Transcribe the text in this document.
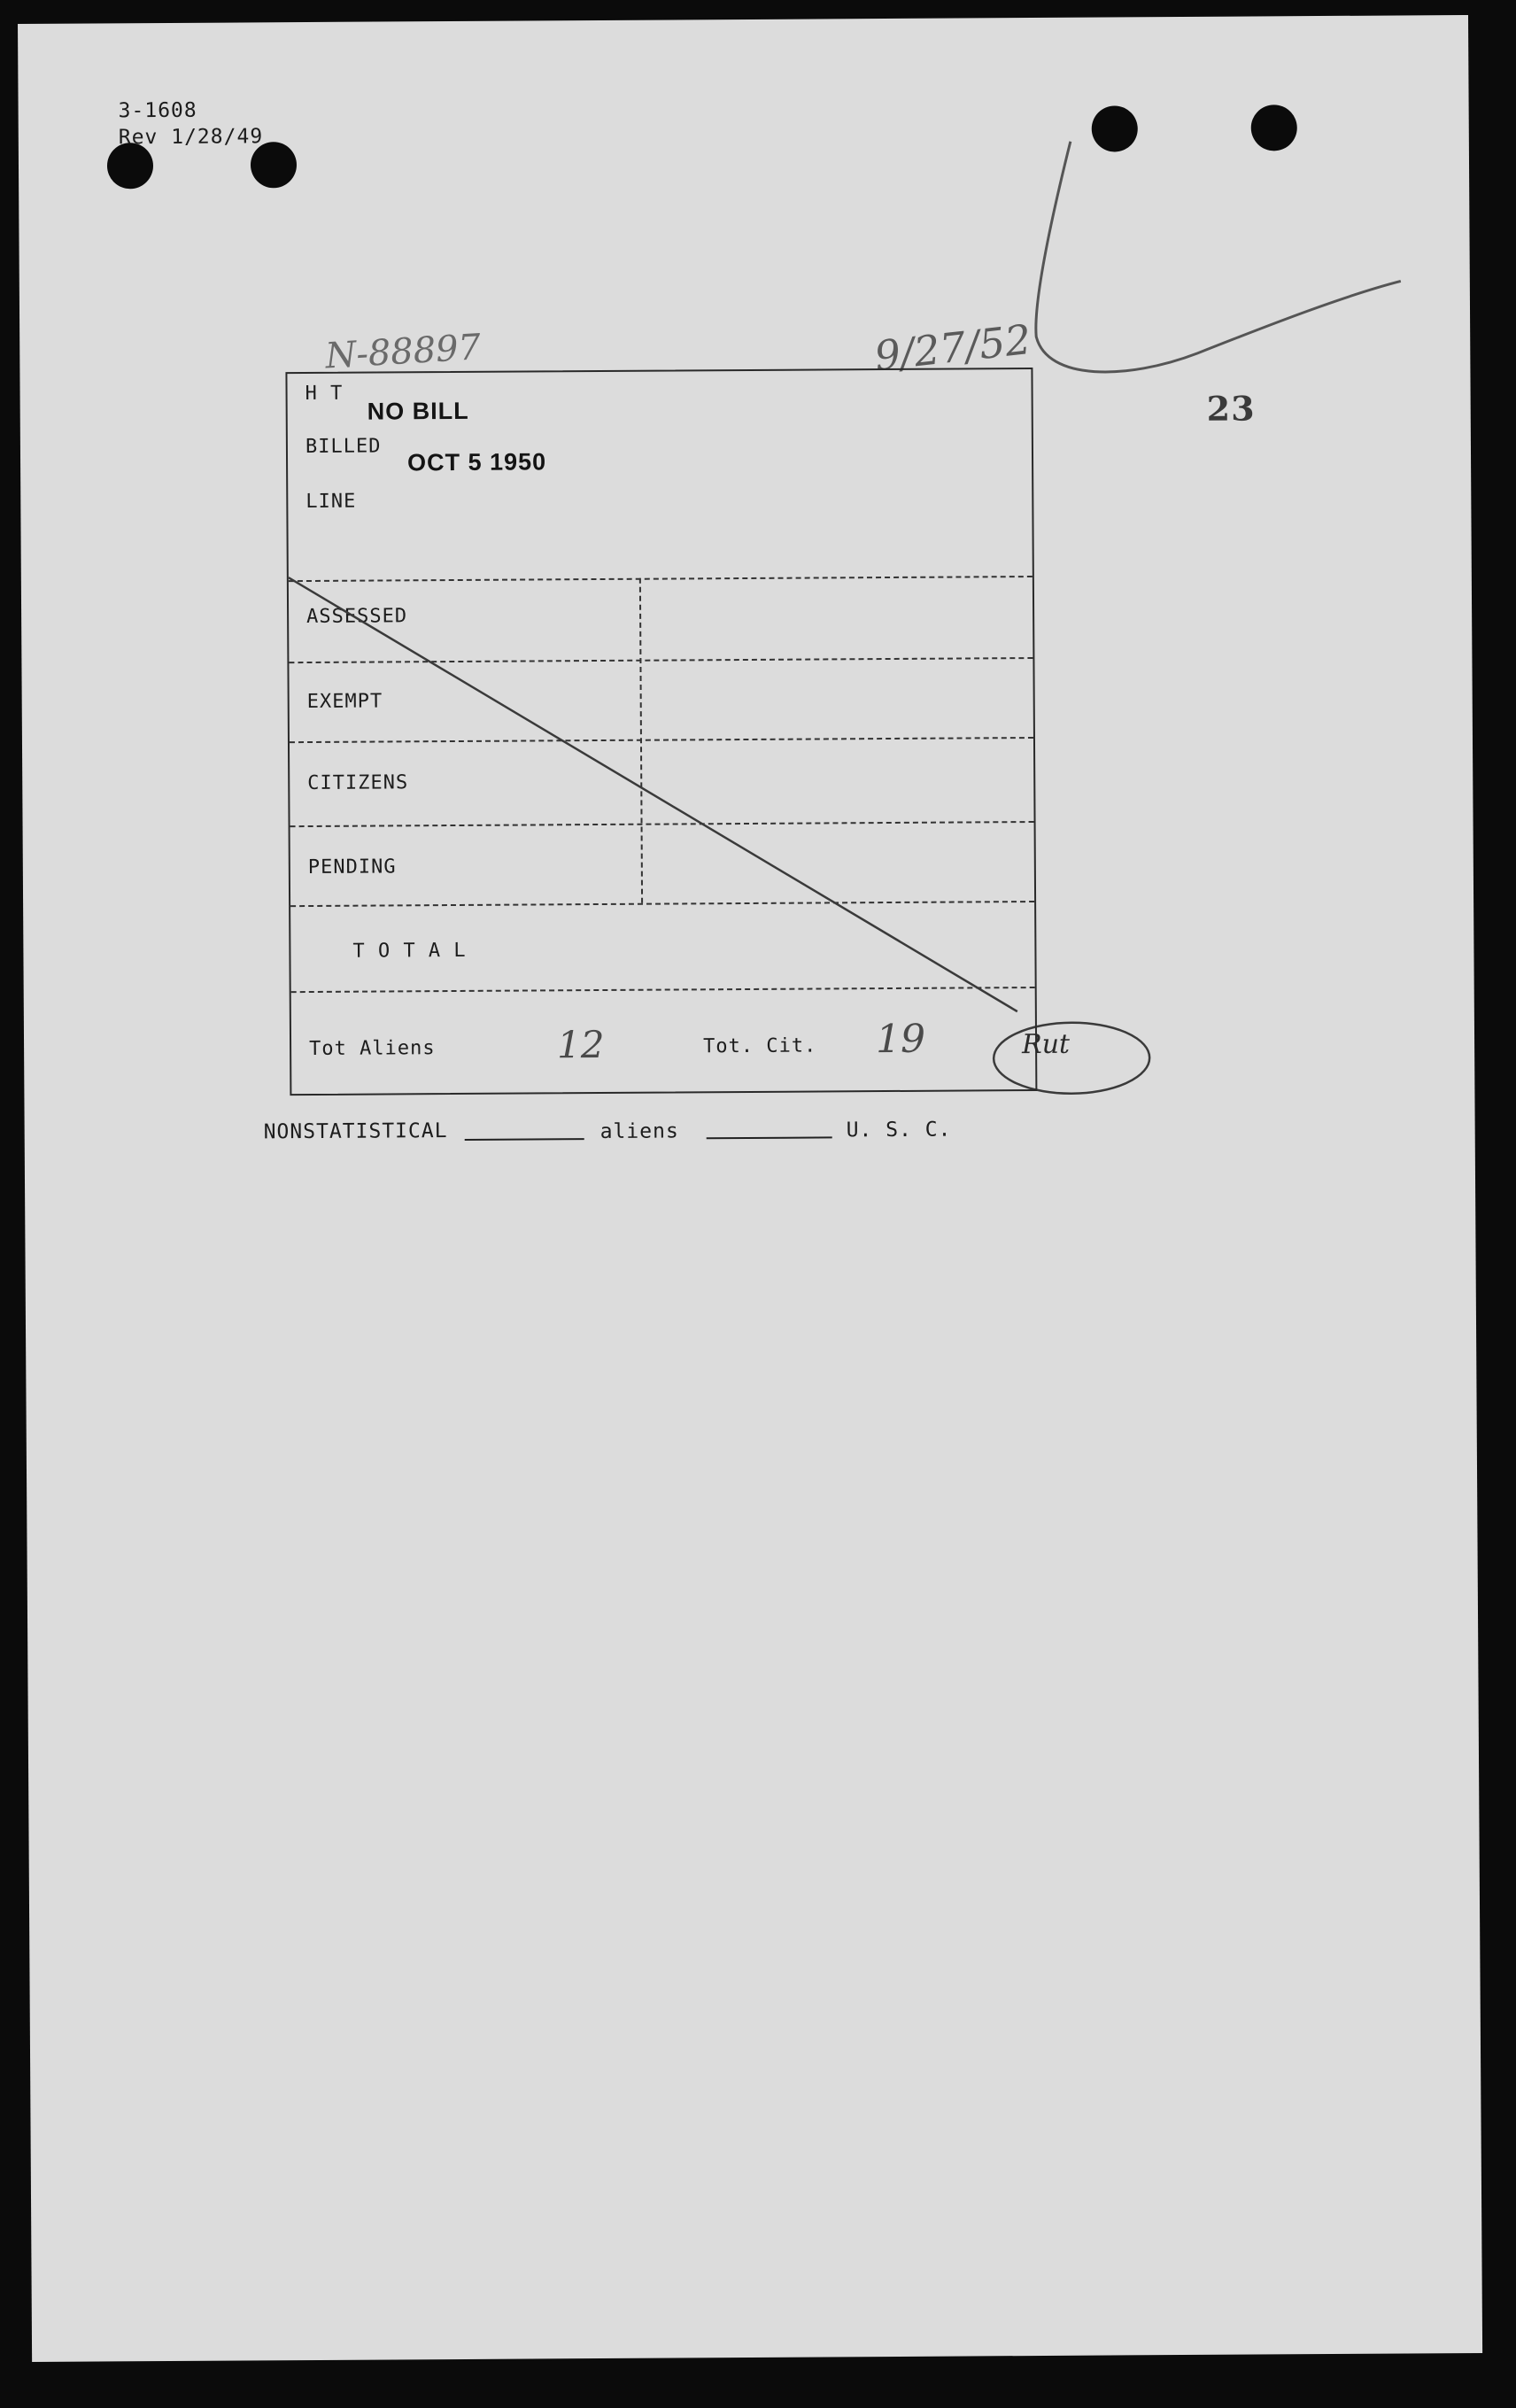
3-1608
Rev 1/28/49
N-88897	9/27/52
23
H T
NO BILL
BILLED
OCT 5 1950
LINE
ASSESSED
EXEMPT
CITIZENS
PENDING
T O T A L
Tot Aliens	12	Tot. Cit. 19	Rut
NONSTATISTICAL	aliens	U. S. C.
